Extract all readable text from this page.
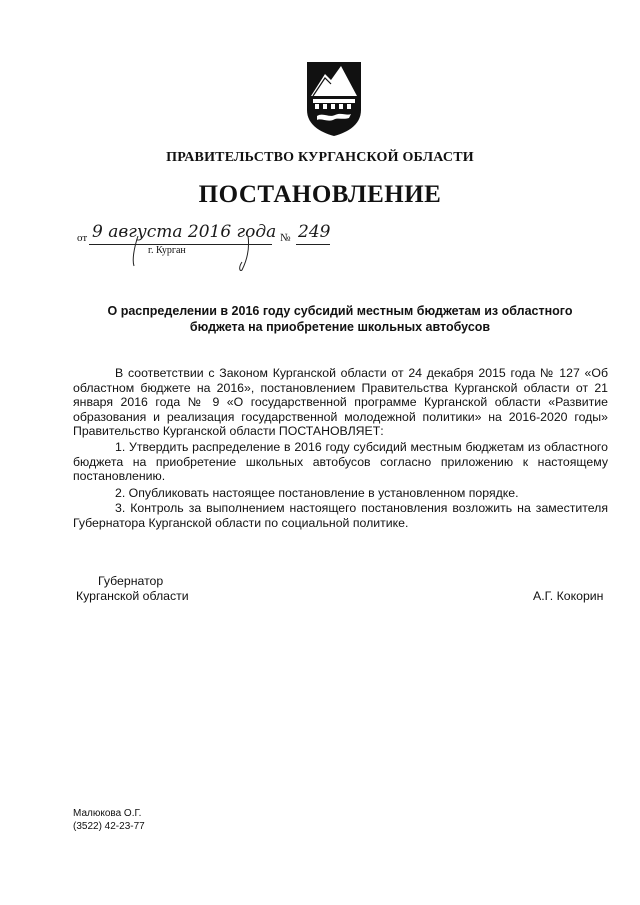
ПРАВИТЕЛЬСТВО КУРГАНСКОЙ ОБЛАСТИ
ПОСТАНОВЛЕНИЕ
от 9 августа 2016 года № 249
г. Курган
О распределении в 2016 году субсидий местным бюджетам из областного бюджета на приобретение школьных автобусов
В соответствии с Законом Курганской области от 24 декабря 2015 года № 127 «Об областном бюджете на 2016», постановлением Правительства Курганской области от 21 января 2016 года № 9 «О государственной программе Курганской области «Развитие образования и реализация государственной молодежной политики» на 2016-2020 годы» Правительство Курганской области ПОСТАНОВЛЯЕТ:
1. Утвердить распределение в 2016 году субсидий местным бюджетам из областного бюджета на приобретение школьных автобусов согласно приложению к настоящему постановлению.
2. Опубликовать настоящее постановление в установленном порядке.
3. Контроль за выполнением настоящего постановления возложить на заместителя Губернатора Курганской области по социальной политике.
Губернатор
Курганской области	А.Г. Кокорин
Малюкова О.Г.
(3522) 42-23-77
